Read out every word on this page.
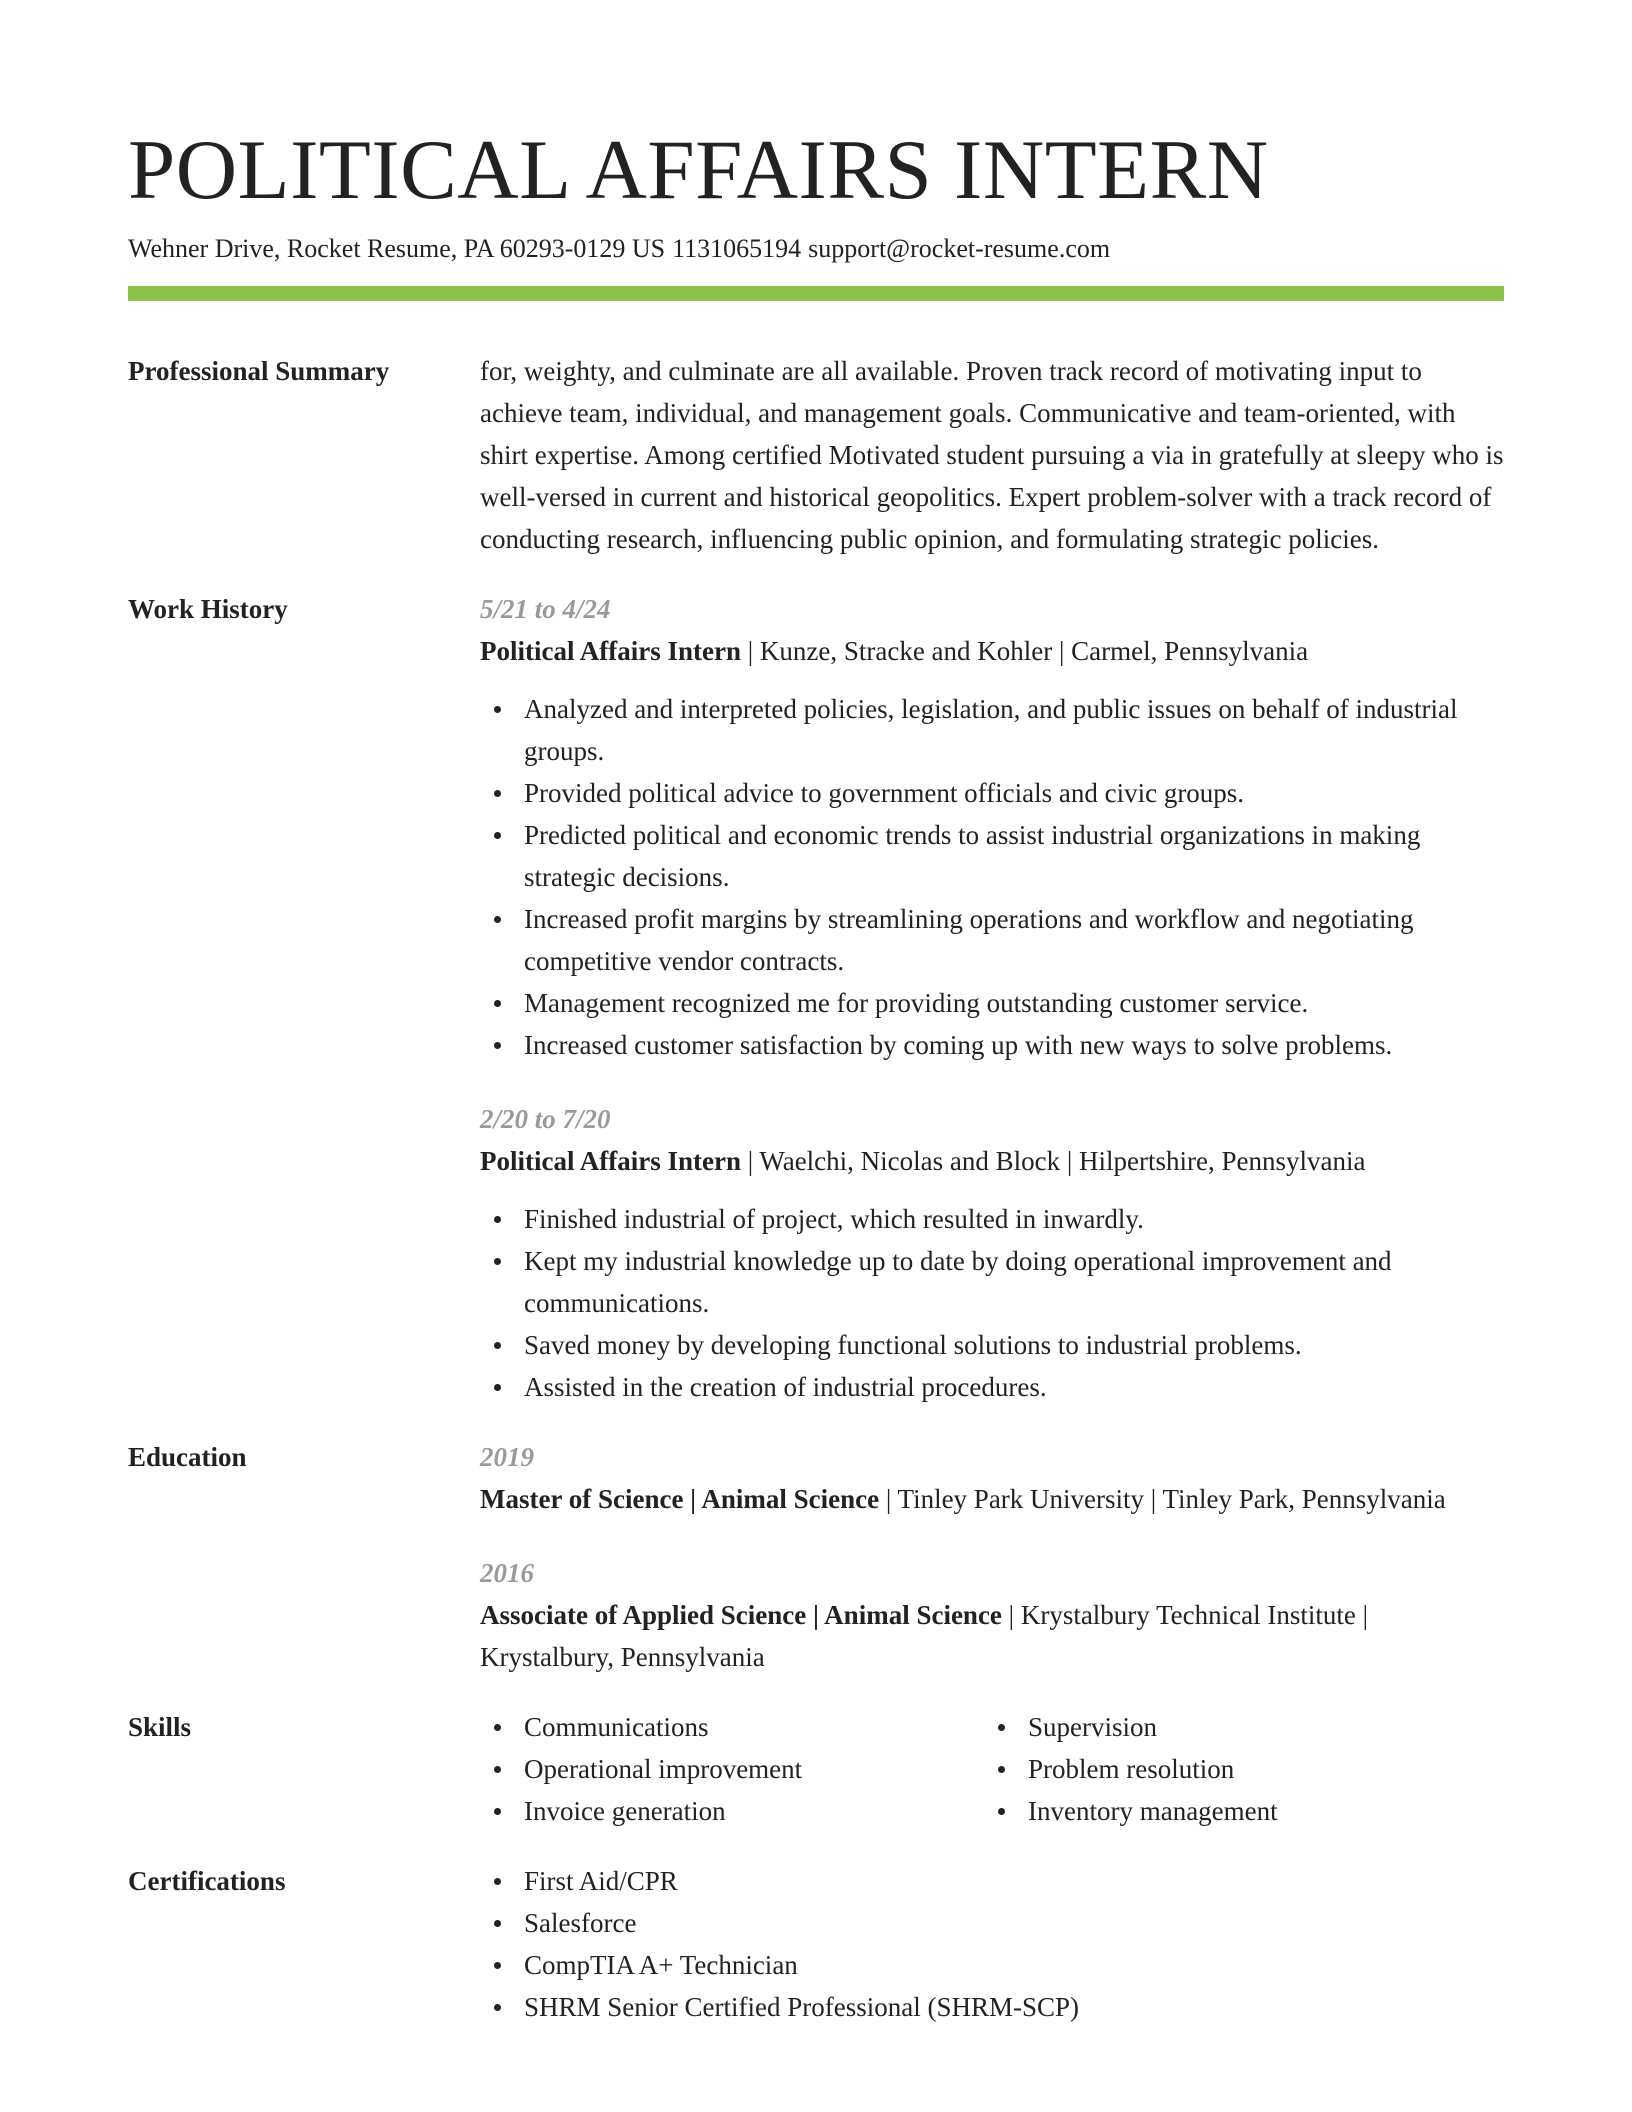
POLITICAL AFFAIRS INTERN
Wehner Drive, Rocket Resume, PA 60293-0129 US 1131065194 support@rocket-resume.com
Professional Summary	for, weighty, and culminate are all available. Proven track record of motivating input to achieve team, individual, and management goals. Communicative and team-oriented, with shirt expertise. Among certified Motivated student pursuing a via in gratefully at sleepy who is well-versed in current and historical geopolitics. Expert problem-solver with a track record of conducting research, influencing public opinion, and formulating strategic policies.
Work History	5/21 to 4/24
Political Affairs Intern | Kunze, Stracke and Kohler | Carmel, Pennsylvania
Analyzed and interpreted policies, legislation, and public issues on behalf of industrial groups.
Provided political advice to government officials and civic groups.
Predicted political and economic trends to assist industrial organizations in making strategic decisions.
Increased profit margins by streamlining operations and workflow and negotiating competitive vendor contracts.
Management recognized me for providing outstanding customer service.
Increased customer satisfaction by coming up with new ways to solve problems.
2/20 to 7/20
Political Affairs Intern | Waelchi, Nicolas and Block | Hilpertshire, Pennsylvania
Finished industrial of project, which resulted in inwardly.
Kept my industrial knowledge up to date by doing operational improvement and communications.
Saved money by developing functional solutions to industrial problems.
Assisted in the creation of industrial procedures.
Education	2019
Master of Science | Animal Science | Tinley Park University | Tinley Park, Pennsylvania
2016
Associate of Applied Science | Animal Science | Krystalbury Technical Institute | Krystalbury, Pennsylvania
Skills	Communications
Operational improvement
Invoice generation
Supervision
Problem resolution
Inventory management
Certifications	First Aid/CPR
Salesforce
CompTIA A+ Technician
SHRM Senior Certified Professional (SHRM-SCP)
